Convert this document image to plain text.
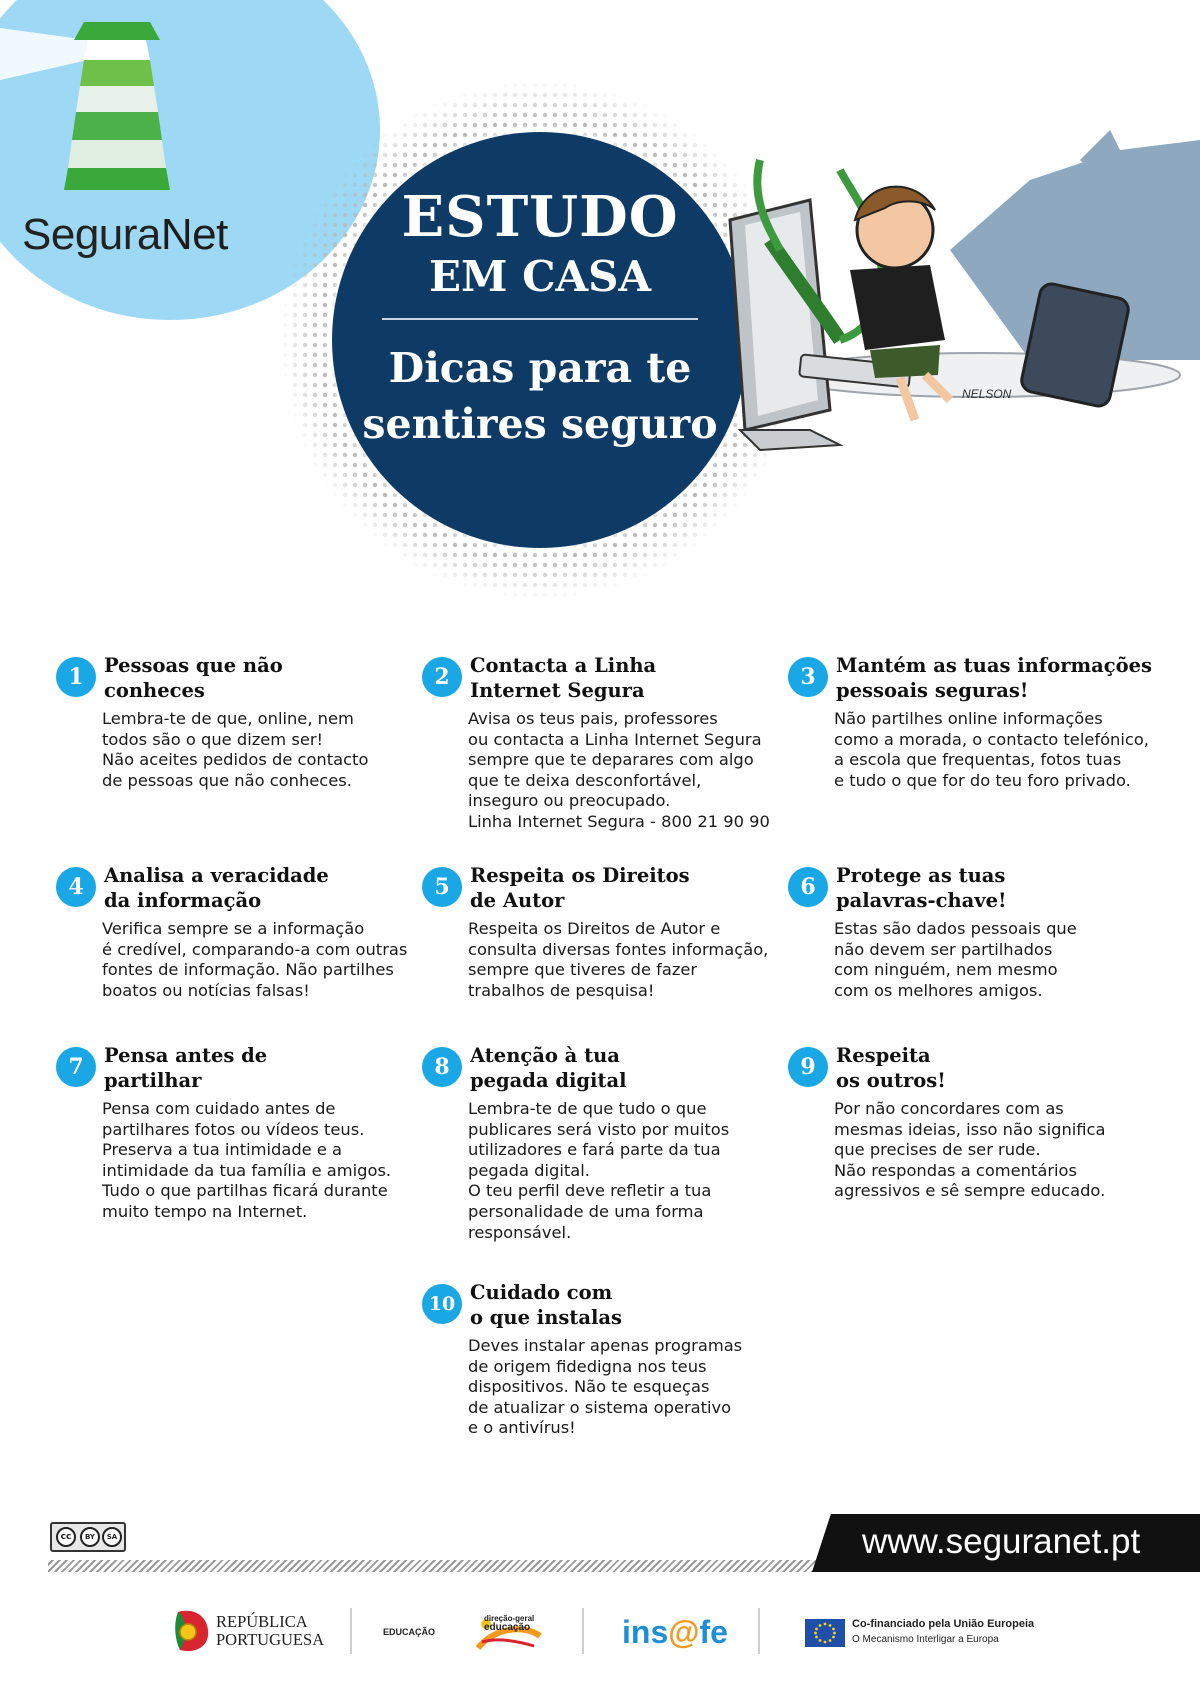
SeguraNet	ESTUDO
EM CASA
Dicas para te sentires seguro
NELSON
1	Pessoas que não
conheces
Lembra-te de que, online, nem
todos são o que dizem ser!
Não aceites pedidos de contacto
de pessoas que não conheces.
2	Contacta a Linha
Internet Segura
Avisa os teus pais, professores
ou contacta a Linha Internet Segura
sempre que te deparares com algo
que te deixa desconfortável,
inseguro ou preocupado.
Linha Internet Segura - 800 21 90 90
3	Mantém as tuas informações
pessoais seguras!
Não partilhes online informações
como a morada, o contacto telefónico,
a escola que frequentas, fotos tuas
e tudo o que for do teu foro privado.
4	Analisa a veracidade
da informação
Verifica sempre se a informação
é credível, comparando-a com outras
fontes de informação. Não partilhes
boatos ou notícias falsas!
5	Respeita os Direitos
de Autor
Respeita os Direitos de Autor e
consulta diversas fontes informação,
sempre que tiveres de fazer
trabalhos de pesquisa!
6	Protege as tuas
palavras-chave!
Estas são dados pessoais que
não devem ser partilhados
com ninguém, nem mesmo
com os melhores amigos.
7	Pensa antes de
partilhar
Pensa com cuidado antes de
partilhares fotos ou vídeos teus.
Preserva a tua intimidade e a
intimidade da tua família e amigos.
Tudo o que partilhas ficará durante
muito tempo na Internet.
8	Atenção à tua
pegada digital
Lembra-te de que tudo o que
publicares será visto por muitos
utilizadores e fará parte da tua
pegada digital.
O teu perfil deve refletir a tua
personalidade de uma forma
responsável.
9	Respeita
os outros!
Por não concordares com as
mesmas ideias, isso não significa
que precises de ser rude.
Não respondas a comentários
agressivos e sê sempre educado.
10 Cuidado com
o que instalas
Deves instalar apenas programas
de origem fidedigna nos teus
dispositivos. Não te esqueças
de atualizar o sistema operativo
e o antivírus!
cc	BY	SA	www.seguranet.pt
REPÚBLICA
PORTUGUESA	EDUCAÇÃO
direção-geral
educação	ins@fe	Co-financiado pela União Europeia
O Mecanismo Interligar a Europa
